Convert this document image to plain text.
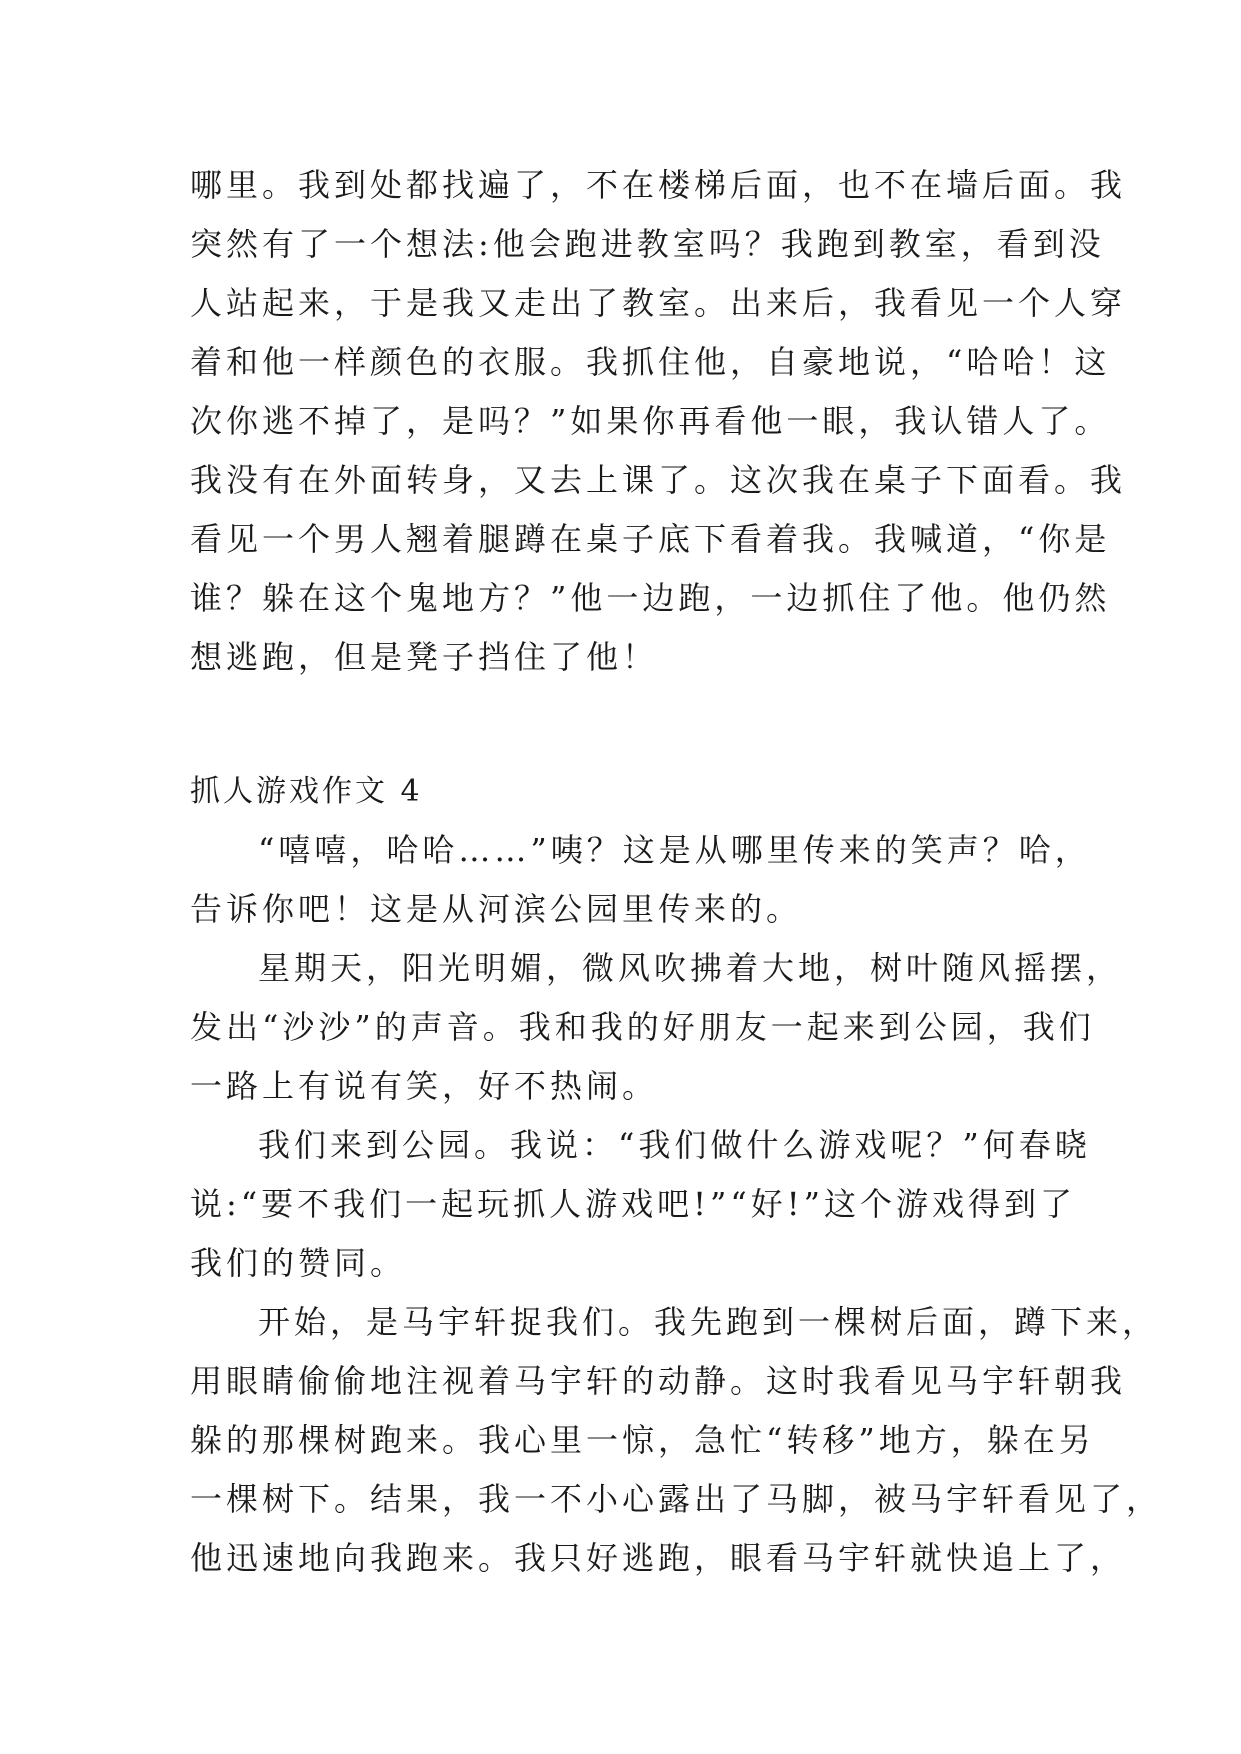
哪里。我到处都找遍了，不在楼梯后面，也不在墙后面。我
突然有了一个想法:他会跑进教室吗？我跑到教室，看到没
人站起来，于是我又走出了教室。出来后，我看见一个人穿
着和他一样颜色的衣服。我抓住他，自豪地说，“哈哈！这
次你逃不掉了，是吗？”如果你再看他一眼，我认错人了。
我没有在外面转身，又去上课了。这次我在桌子下面看。我
看见一个男人翘着腿蹲在桌子底下看着我。我喊道，“你是
谁？躲在这个鬼地方？”他一边跑，一边抓住了他。他仍然
想逃跑，但是凳子挡住了他！
抓人游戏作文 4
“嘻嘻，哈哈……”咦？这是从哪里传来的笑声？哈，
告诉你吧！这是从河滨公园里传来的。
星期天，阳光明媚，微风吹拂着大地，树叶随风摇摆，
发出“沙沙”的声音。我和我的好朋友一起来到公园，我们
一路上有说有笑，好不热闹。
我们来到公园。我说：“我们做什么游戏呢？”何春晓
说:“要不我们一起玩抓人游戏吧!”“好!”这个游戏得到了
我们的赞同。
开始，是马宇轩捉我们。我先跑到一棵树后面，蹲下来，
用眼睛偷偷地注视着马宇轩的动静。这时我看见马宇轩朝我
躲的那棵树跑来。我心里一惊，急忙“转移”地方，躲在另
一棵树下。结果，我一不小心露出了马脚，被马宇轩看见了，
他迅速地向我跑来。我只好逃跑，眼看马宇轩就快追上了，
